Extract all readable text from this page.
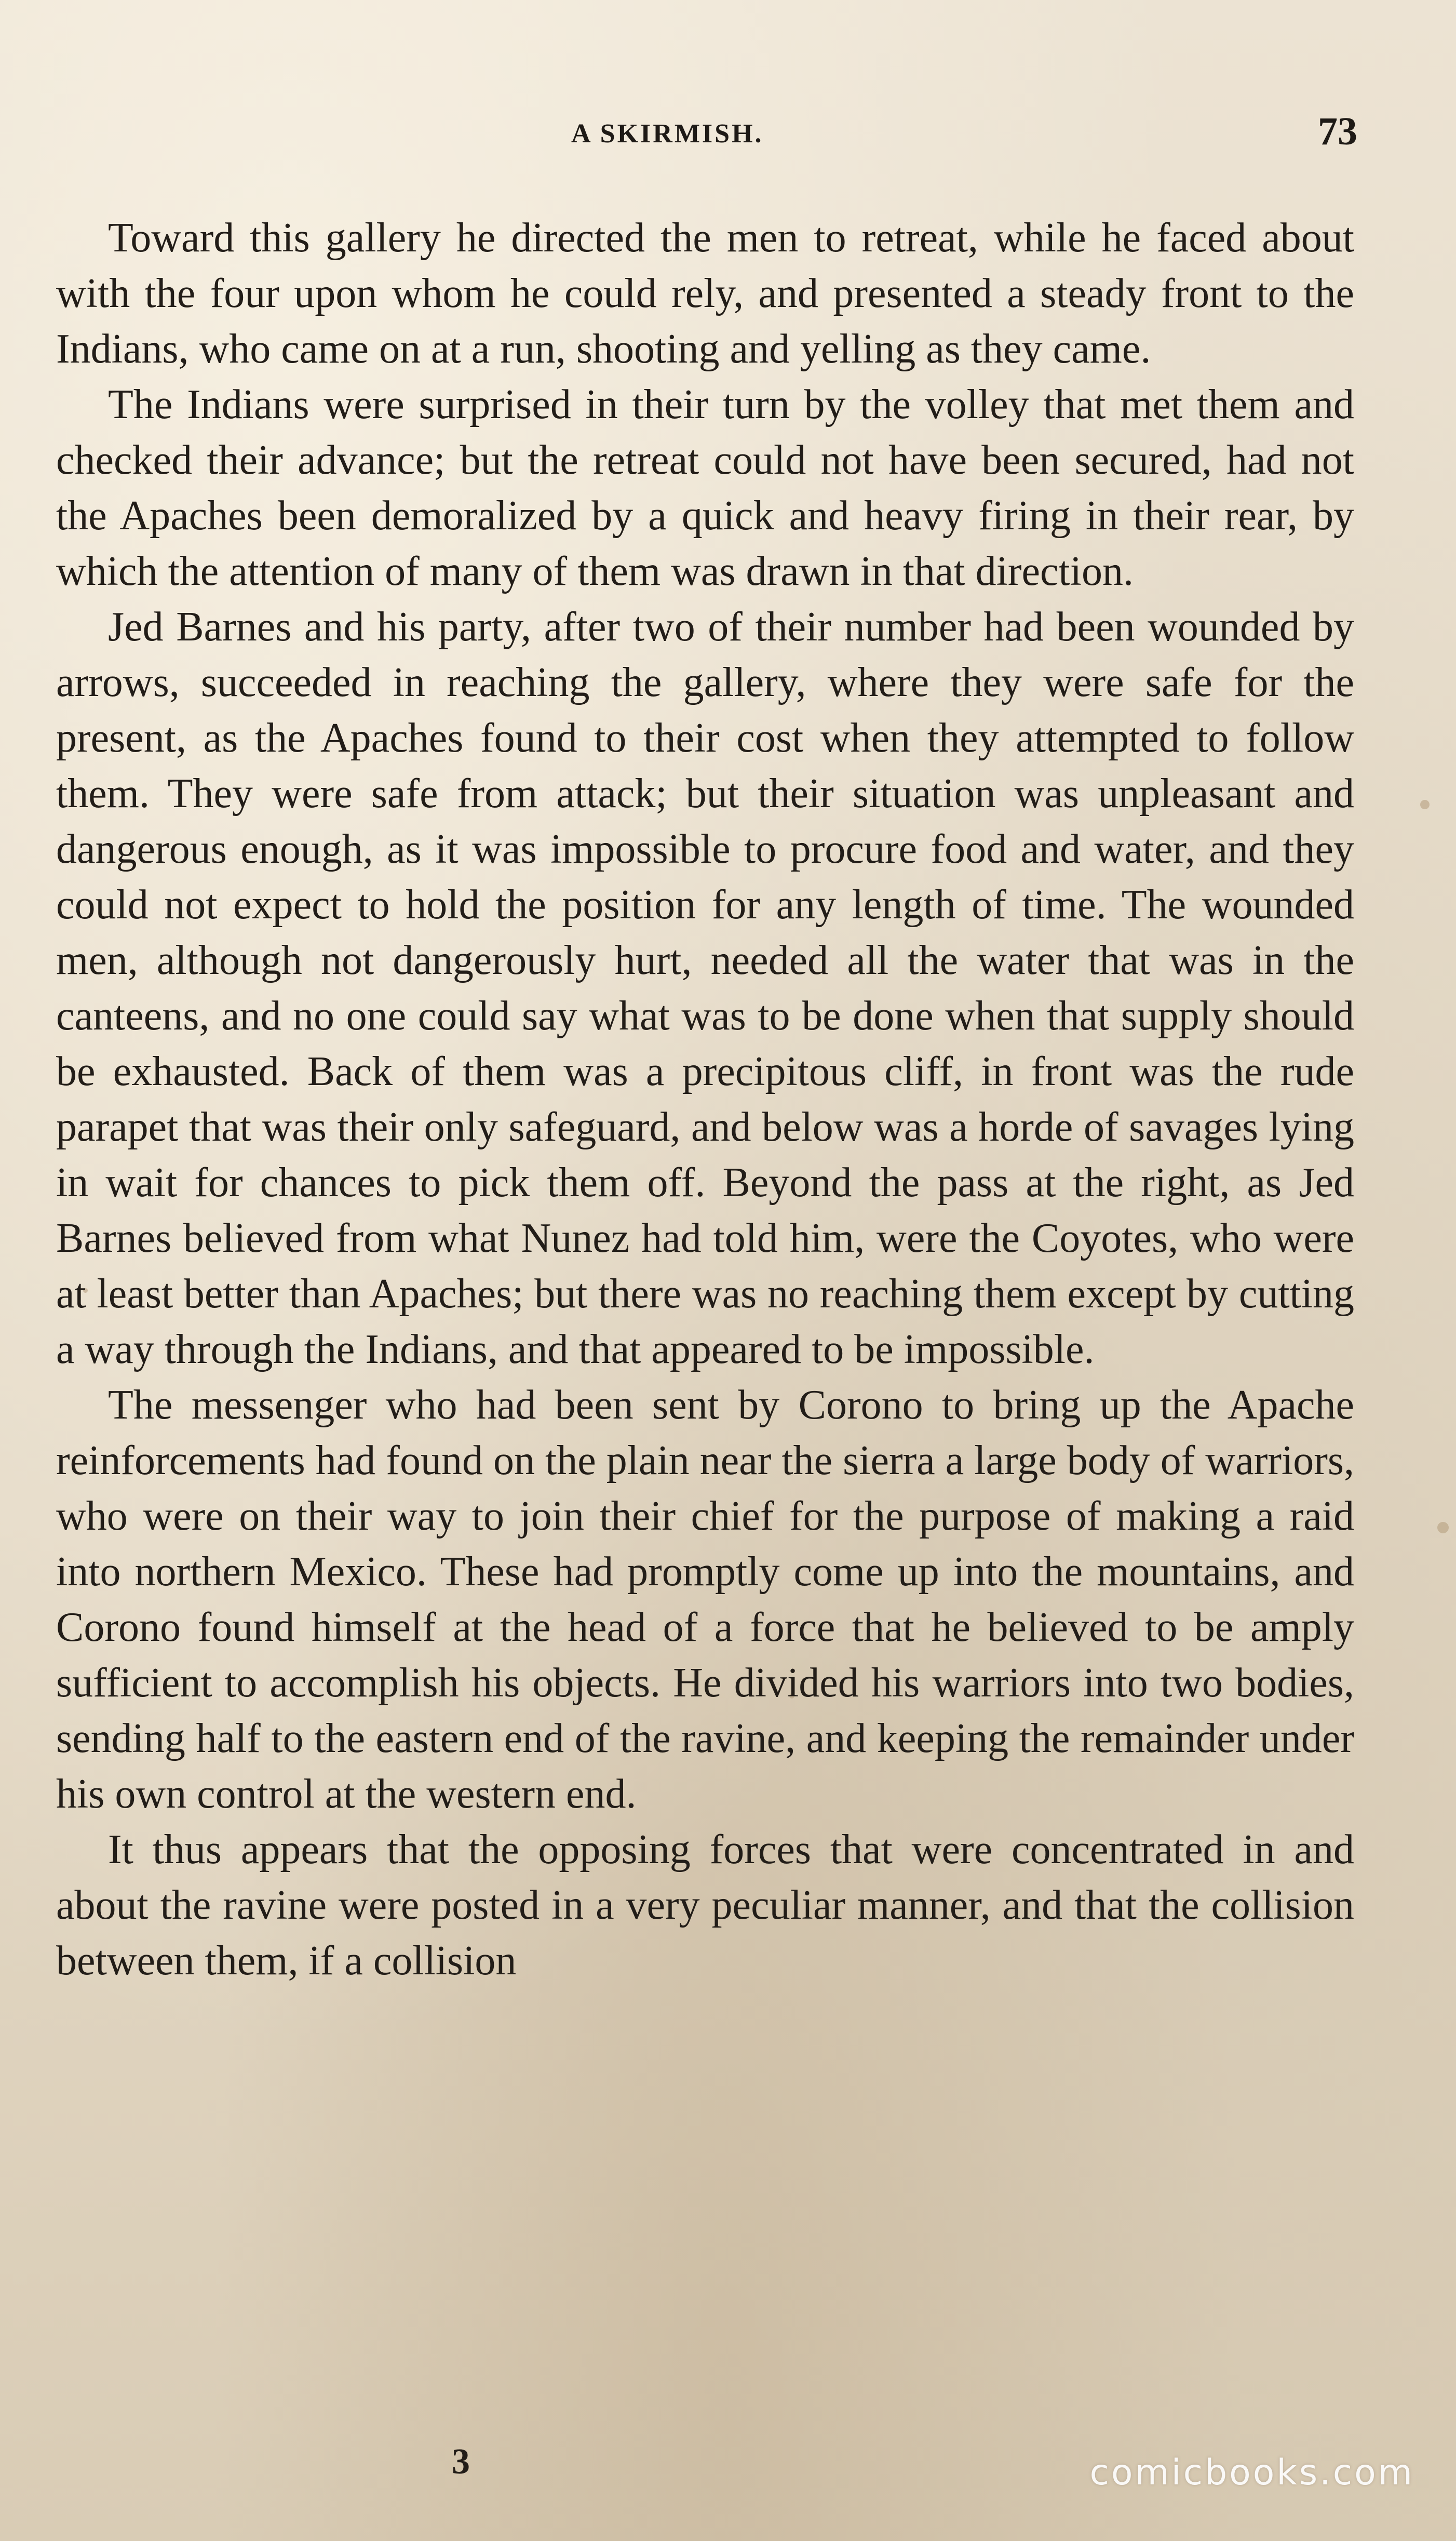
A SKIRMISH.	73

Toward this gallery he directed the men to retreat, while he faced about with the four upon whom he could rely, and presented a steady front to the Indians, who came on at a run, shooting and yelling as they came.

The Indians were surprised in their turn by the volley that met them and checked their advance; but the retreat could not have been secured, had not the Apaches been demoralized by a quick and heavy firing in their rear, by which the attention of many of them was drawn in that direction.

Jed Barnes and his party, after two of their number had been wounded by arrows, succeeded in reaching the gallery, where they were safe for the present, as the Apaches found to their cost when they attempted to follow them. They were safe from attack; but their situation was unpleasant and dangerous enough, as it was impossible to procure food and water, and they could not expect to hold the position for any length of time. The wounded men, although not dangerously hurt, needed all the water that was in the canteens, and no one could say what was to be done when that supply should be exhausted. Back of them was a precipitous cliff, in front was the rude parapet that was their only safeguard, and below was a horde of savages lying in wait for chances to pick them off. Beyond the pass at the right, as Jed Barnes believed from what Nunez had told him, were the Coyotes, who were at least better than Apaches; but there was no reaching them except by cutting a way through the Indians, and that appeared to be impossible.

The messenger who had been sent by Corono to bring up the Apache reinforcements had found on the plain near the sierra a large body of warriors, who were on their way to join their chief for the purpose of making a raid into northern Mexico. These had promptly come up into the mountains, and Corono found himself at the head of a force that he believed to be amply sufficient to accomplish his objects. He divided his warriors into two bodies, sending half to the eastern end of the ravine, and keeping the remainder under his own control at the western end.

It thus appears that the opposing forces that were concentrated in and about the ravine were posted in a very peculiar manner, and that the collision between them, if a collision

3	comicbooks.com
